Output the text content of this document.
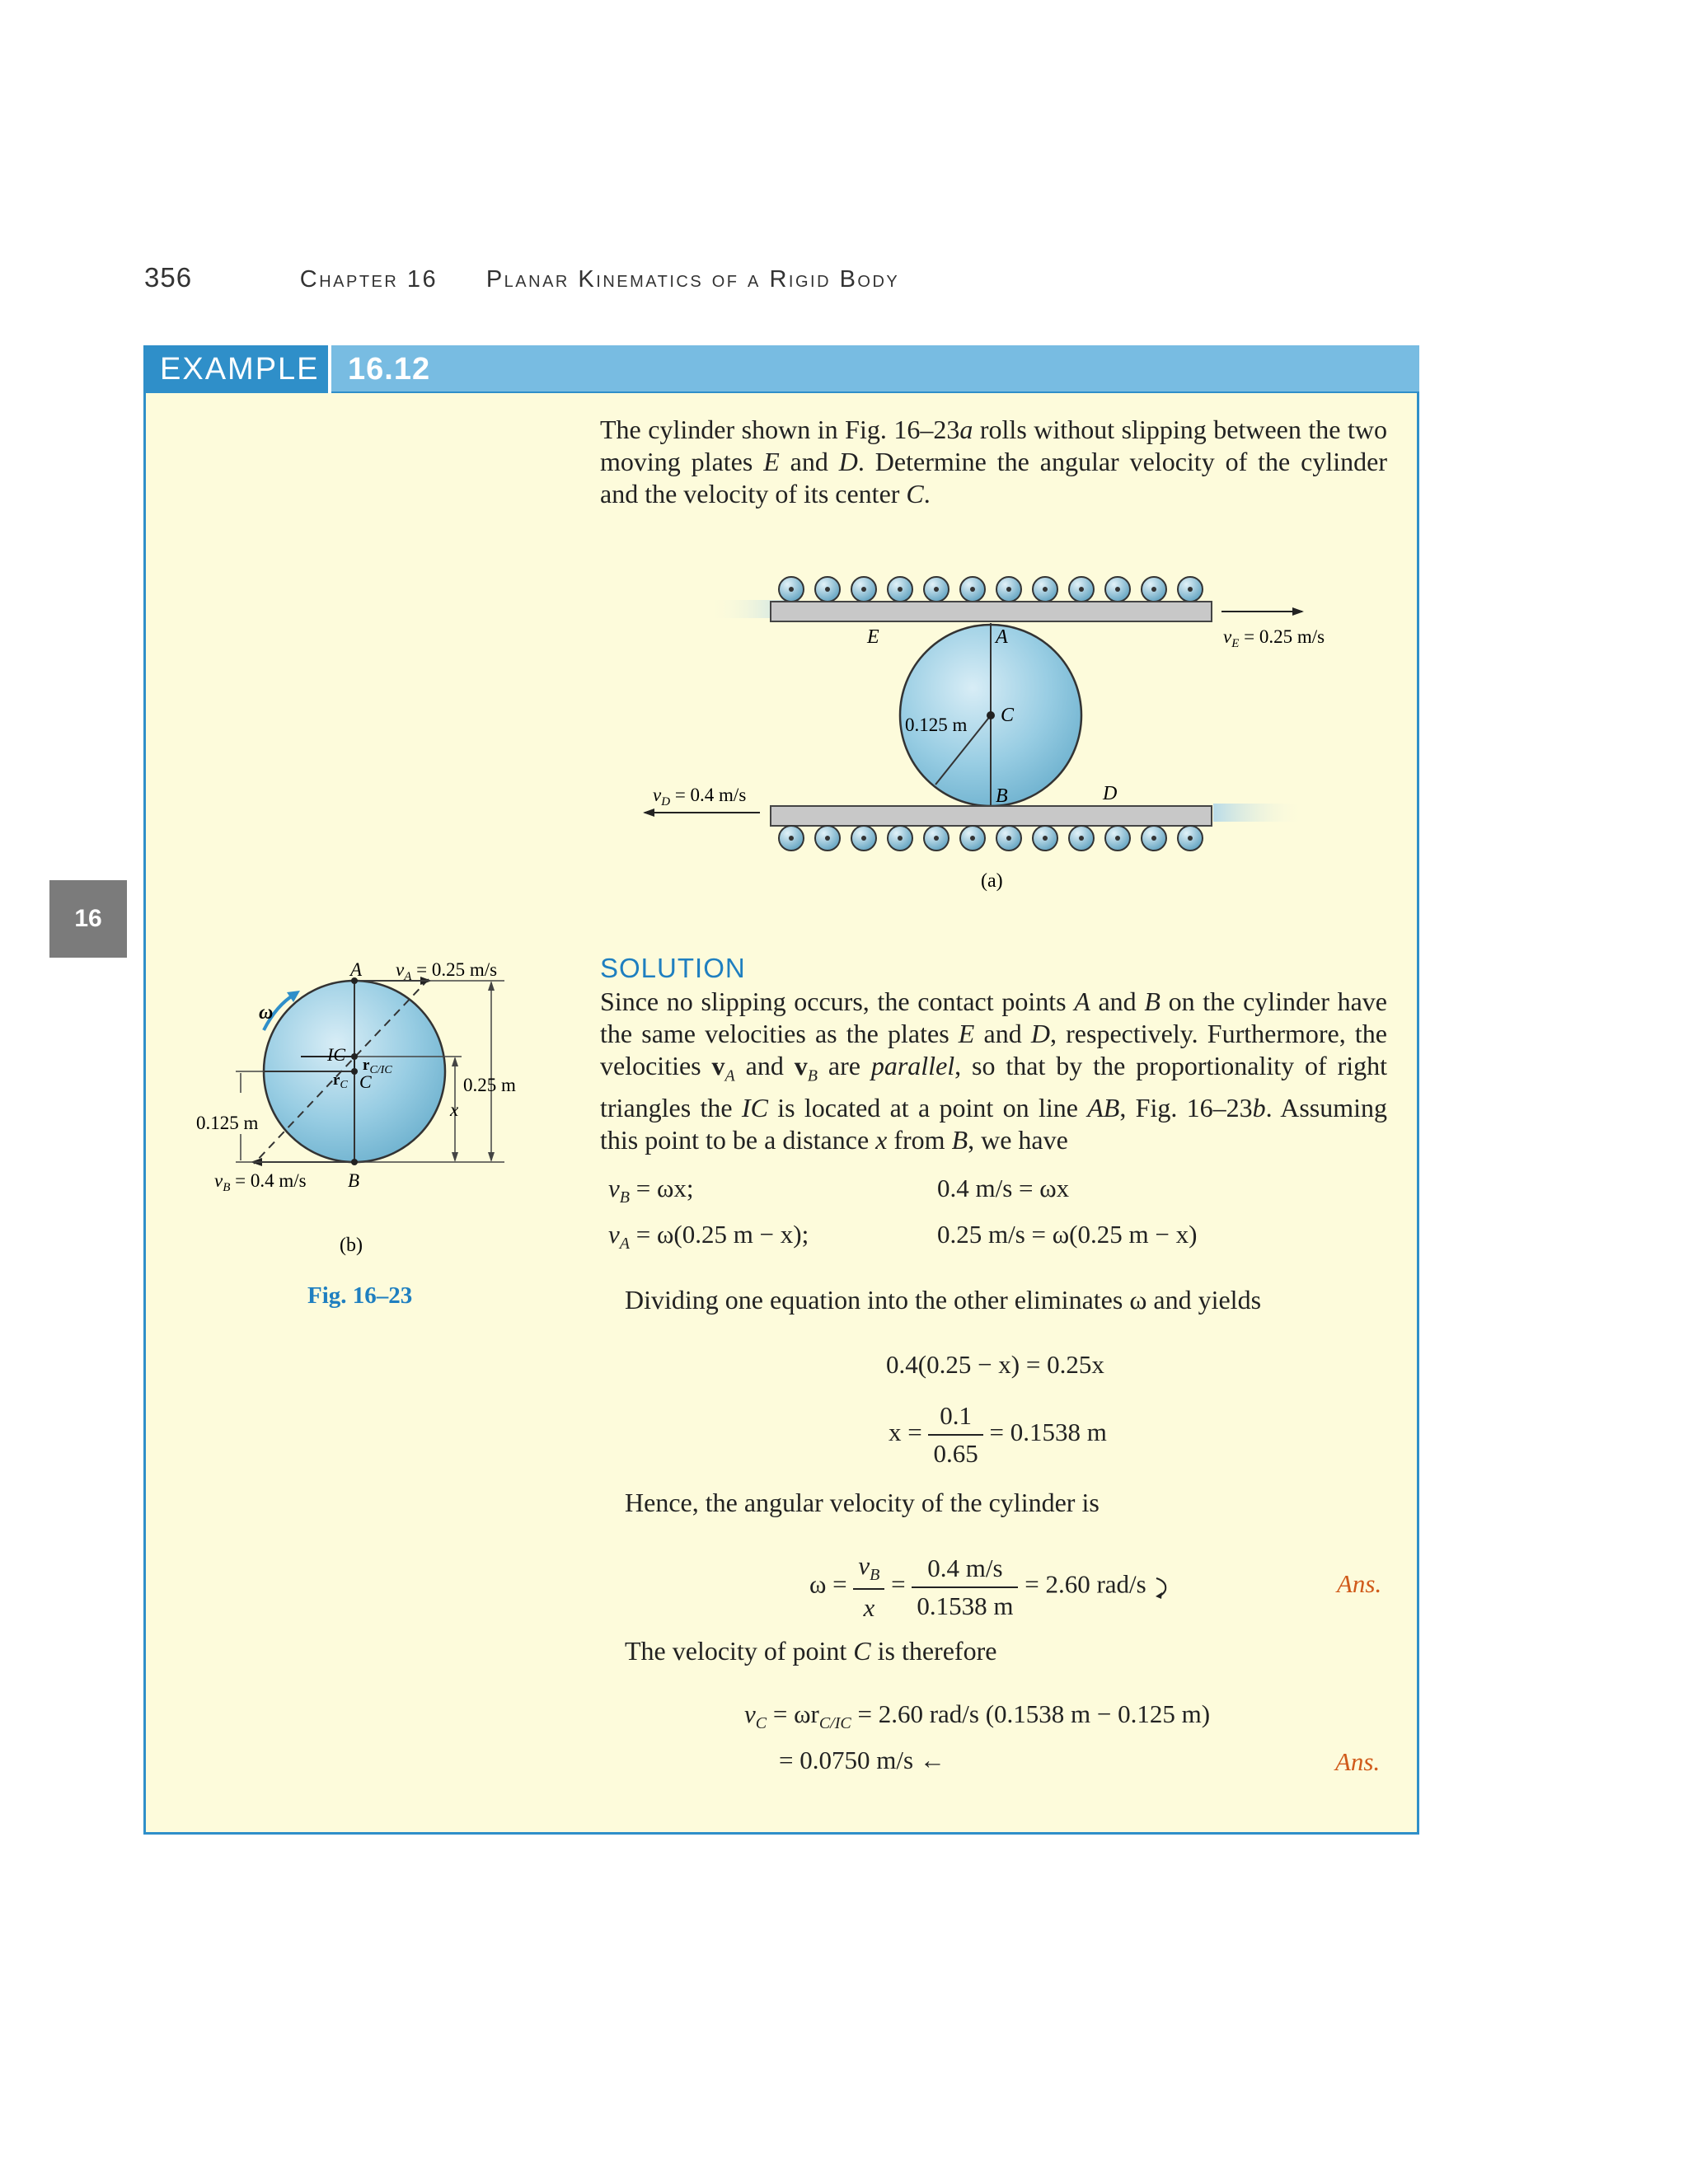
356	Chapter 16 Planar Kinematics of a Rigid Body
EXAMPLE 16.12
16
The cylinder shown in Fig. 16–23a rolls without slipping between the two moving plates E and D. Determine the angular velocity of the cylinder and the velocity of its center C.
E	A
C
B	D
0.125 m
$v_E = 0.25$ m/s
$v_D = 0.4$ m/s
(a)
ω
A $v_A = 0.25$ m/s
IC
$r_{C/IC}$
$r_C$ C	0.25 m
x
0.125 m
$v_B = 0.4$ m/s B
(b)
Fig. 16–23
SOLUTION
Since no slipping occurs, the contact points A and B on the cylinder have the same velocities as the plates E and D, respectively. Furthermore, the velocities $v_A$ and $v_B$ are parallel, so that by the proportionality of right triangles the IC is located at a point on line AB, Fig. 16–23b. Assuming this point to be a distance x from B, we have
$v_B = \omega x$;	0.4 m/s = ωx
$v_A = \omega(0.25$ m − x);	0.25 m/s = ω(0.25 m − x)
Dividing one equation into the other eliminates ω and yields
0.4(0.25 − x) = 0.25x
$x = \frac{0.1}{0.65} = 0.1538$ m
Hence, the angular velocity of the cylinder is
$\omega = \frac{v_B}{x} = \frac{0.4 m/s}{0.1538 m} = 2.60$ rad/s	Ans.
The velocity of point C is therefore
$v_C = \omega r_{C/IC} = 2.60$ rad/s (0.1538 m − 0.125 m)
= 0.0750 m/s ←	Ans.
